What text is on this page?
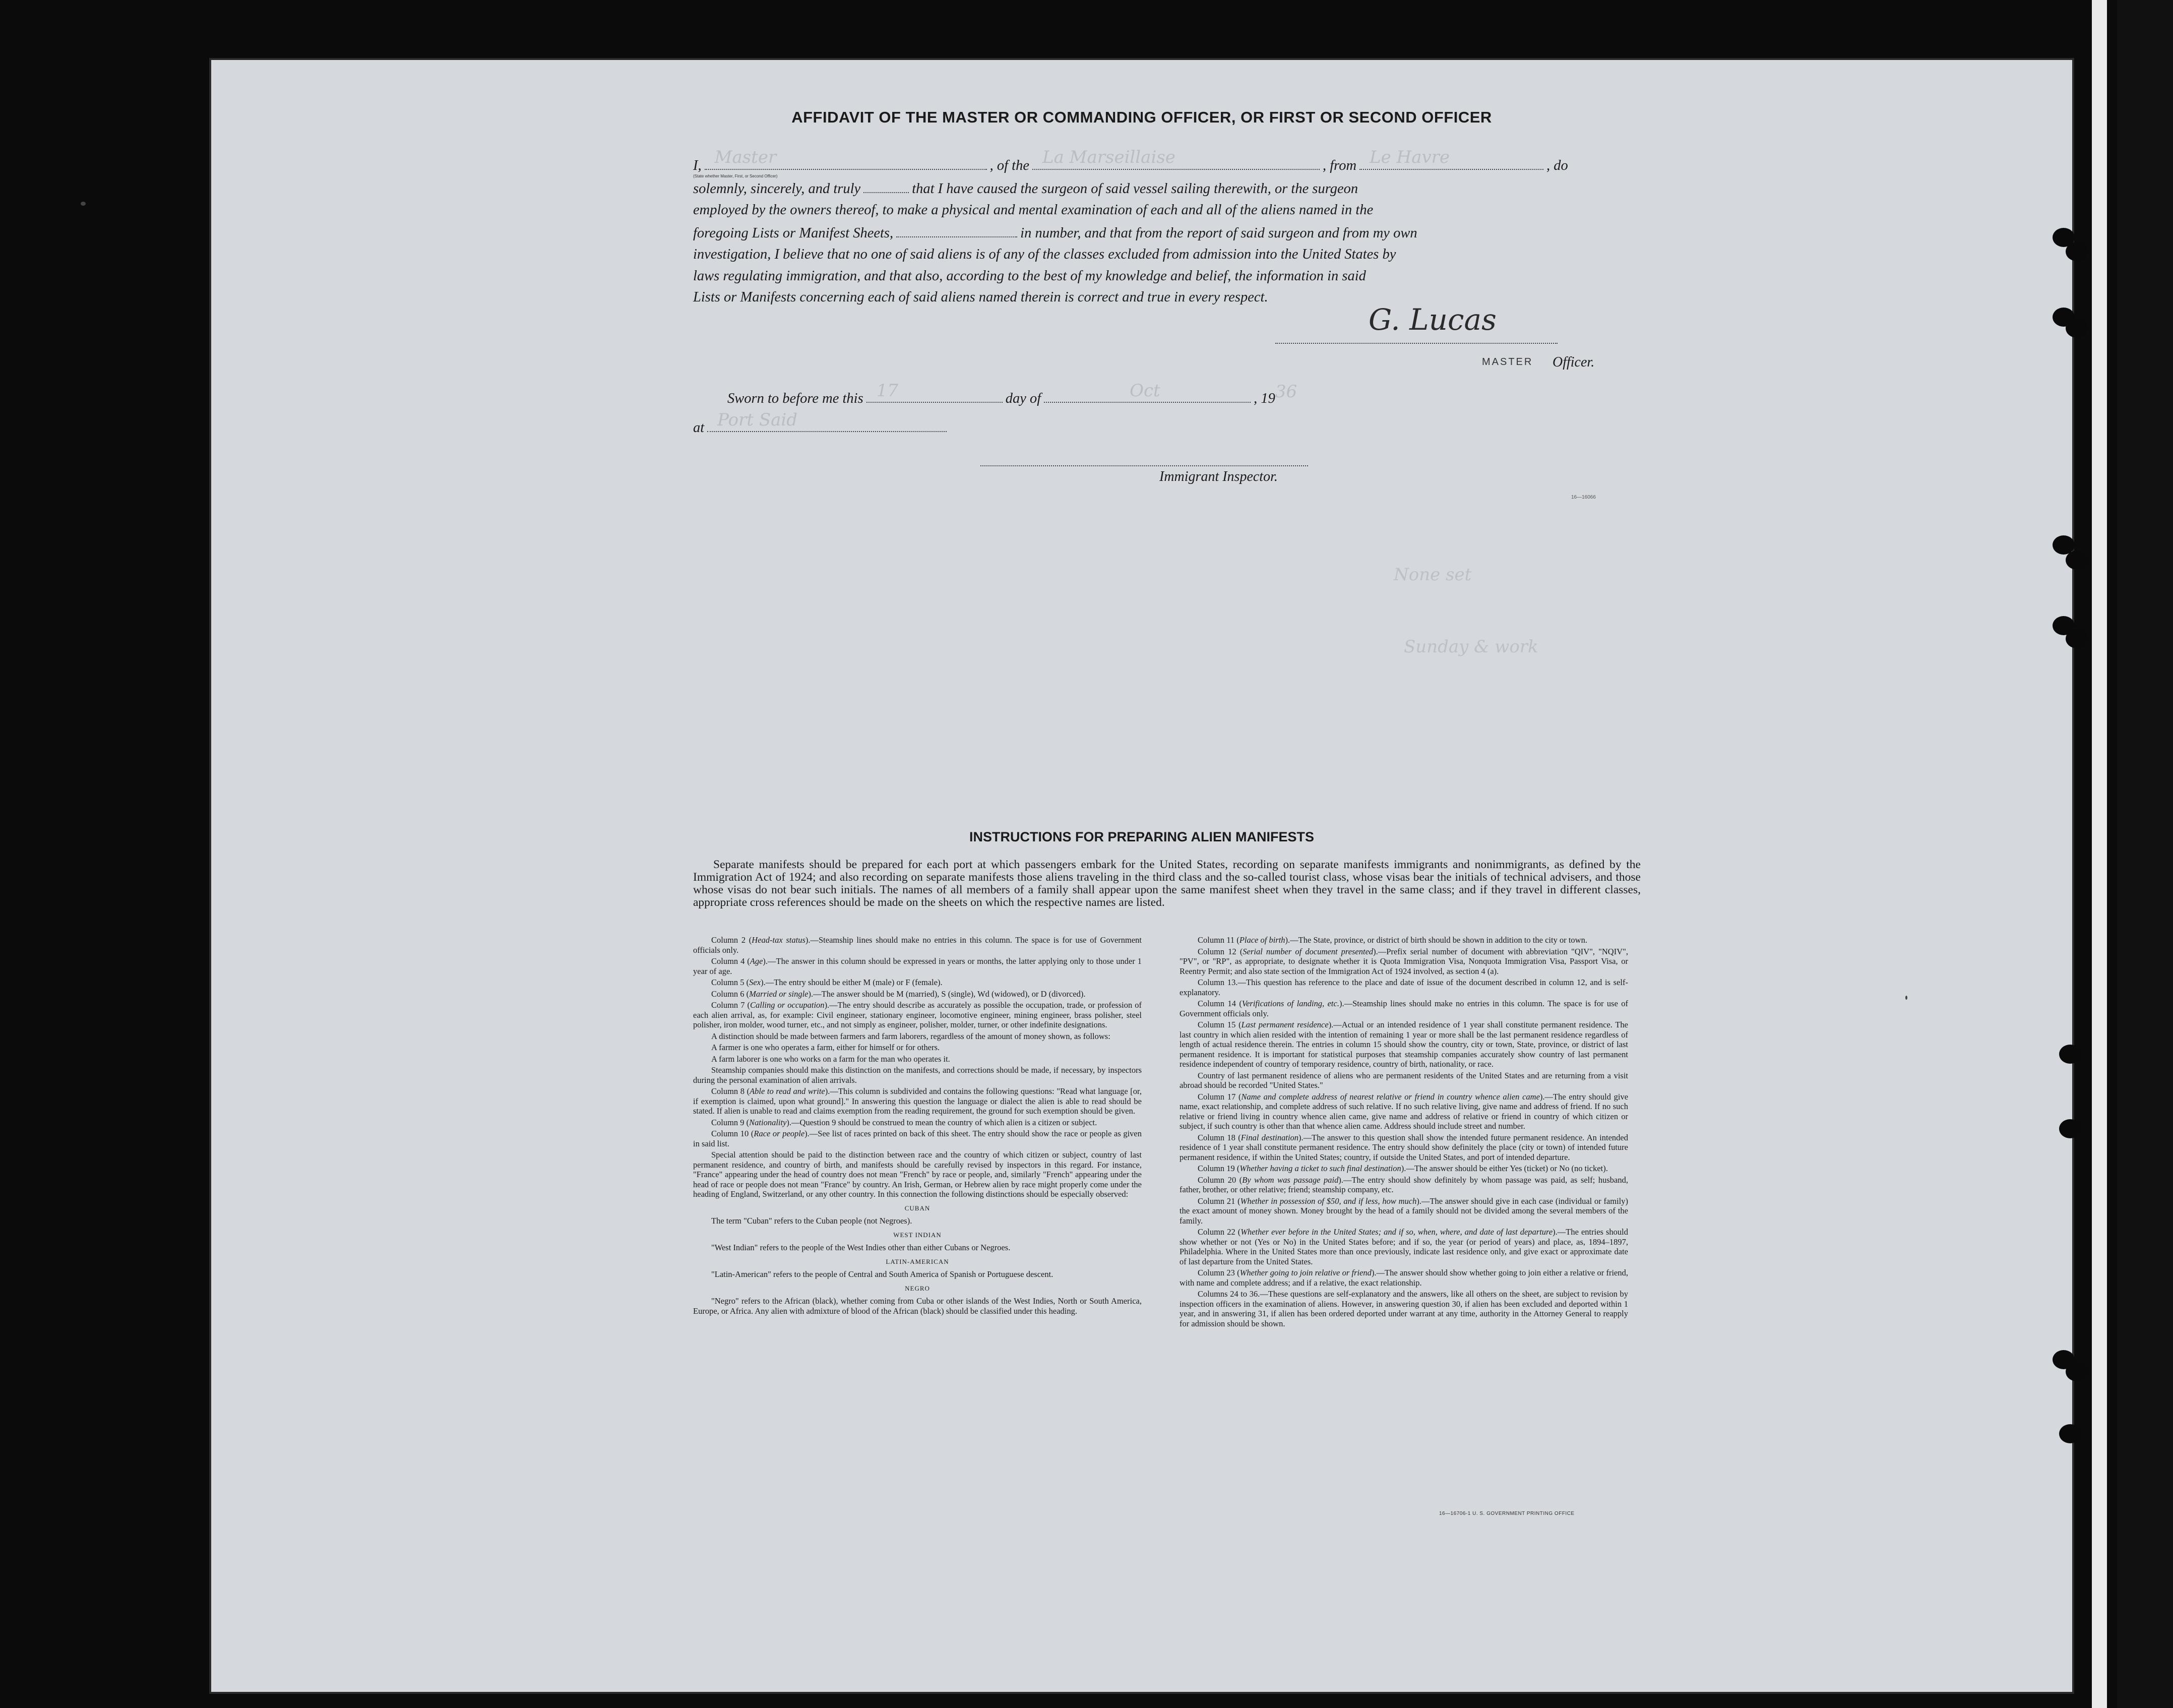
AFFIDAVIT OF THE MASTER OR COMMANDING OFFICER, OR FIRST OR SECOND OFFICER
I, Master	, of the La Marseillaise	, from Le Havre	, do
solemnly, sincerely, and truly	that I have caused the surgeon of said vessel sailing therewith, or the surgeon
employed by the owners thereof, to make a physical and mental examination of each and all of the aliens named in the
foregoing Lists or Manifest Sheets,	in number, and that from the report of said surgeon and from my own
investigation, I believe that no one of said aliens is of any of the classes excluded from admission into the United States by
laws regulating immigration, and that also, according to the best of my knowledge and belief, the information in said
Lists or Manifests concerning each of said aliens named therein is correct and true in every respect.
(State whether Master, First, or Second Officer)
G. Lucas
MASTER Officer.
Sworn to before me this 17	day of	Oct	, 19 36
at Port Said
Immigrant Inspector.
16—16066
None set
Sunday & work
INSTRUCTIONS FOR PREPARING ALIEN MANIFESTS
Separate manifests should be prepared for each port at which passengers embark for the United States, recording on separate manifests immigrants and nonimmigrants, as defined by the Immigration Act of 1924; and also recording on separate manifests those aliens traveling in the third class and the so-called tourist class, whose visas bear the initials of technical advisers, and those whose visas do not bear such initials. The names of all members of a family shall appear upon the same manifest sheet when they travel in the same class; and if they travel in different classes, appropriate cross references should be made on the sheets on which the respective names are listed.

Column 2 (Head-tax status).—Steamship lines should make no entries in this column. The space is for use of Government officials only.

Column 4 (Age).—The answer in this column should be expressed in years or months, the latter applying only to those under 1 year of age.

Column 5 (Sex).—The entry should be either M (male) or F (female).

Column 6 (Married or single).—The answer should be M (married), S (single), Wd (widowed), or D (divorced).

Column 7 (Calling or occupation).—The entry should describe as accurately as possible the occupation, trade, or profession of each alien arrival, as, for example: Civil engineer, stationary engineer, locomotive engineer, mining engineer, brass polisher, steel polisher, iron molder, wood turner, etc., and not simply as engineer, polisher, molder, turner, or other indefinite designations.

A distinction should be made between farmers and farm laborers, regardless of the amount of money shown, as follows:

A farmer is one who operates a farm, either for himself or for others.

A farm laborer is one who works on a farm for the man who operates it.

Steamship companies should make this distinction on the manifests, and corrections should be made, if necessary, by inspectors during the personal examination of alien arrivals.

Column 8 (Able to read and write).—This column is subdivided and contains the following questions: "Read what language [or, if exemption is claimed, upon what ground]." In answering this question the language or dialect the alien is able to read should be stated. If alien is unable to read and claims exemption from the reading requirement, the ground for such exemption should be given.

Column 9 (Nationality).—Question 9 should be construed to mean the country of which alien is a citizen or subject.

Column 10 (Race or people).—See list of races printed on back of this sheet. The entry should show the race or people as given in said list.

Special attention should be paid to the distinction between race and the country of which citizen or subject, country of last permanent residence, and country of birth, and manifests should be carefully revised by inspectors in this regard. For instance, "France" appearing under the head of country does not mean "French" by race or people, and, similarly "French" appearing under the head of race or people does not mean "France" by country. An Irish, German, or Hebrew alien by race might properly come under the heading of England, Switzerland, or any other country. In this connection the following distinctions should be especially observed:

CUBAN

The term "Cuban" refers to the Cuban people (not Negroes).

WEST INDIAN

"West Indian" refers to the people of the West Indies other than either Cubans or Negroes.

LATIN-AMERICAN

"Latin-American" refers to the people of Central and South America of Spanish or Portuguese descent.

NEGRO

"Negro" refers to the African (black), whether coming from Cuba or other islands of the West Indies, North or South America, Europe, or Africa. Any alien with admixture of blood of the African (black) should be classified under this heading.

Column 11 (Place of birth).—The State, province, or district of birth should be shown in addition to the city or town.

Column 12 (Serial number of document presented).—Prefix serial number of document with abbreviation "QIV", "NQIV", "PV", or "RP", as appropriate, to designate whether it is Quota Immigration Visa, Nonquota Immigration Visa, Passport Visa, or Reentry Permit; and also state section of the Immigration Act of 1924 involved, as section 4 (a).

Column 13.—This question has reference to the place and date of issue of the document described in column 12, and is self-explanatory.

Column 14 (Verifications of landing, etc.).—Steamship lines should make no entries in this column. The space is for use of Government officials only.

Column 15 (Last permanent residence).—Actual or an intended residence of 1 year shall constitute permanent residence. The last country in which alien resided with the intention of remaining 1 year or more shall be the last permanent residence regardless of length of actual residence therein. The entries in column 15 should show the country, city or town, State, province, or district of last permanent residence. It is important for statistical purposes that steamship companies accurately show country of last permanent residence independent of country of temporary residence, country of birth, nationality, or race.

Country of last permanent residence of aliens who are permanent residents of the United States and are returning from a visit abroad should be recorded "United States."

Column 17 (Name and complete address of nearest relative or friend in country whence alien came).—The entry should give name, exact relationship, and complete address of such relative. If no such relative living, give name and address of friend. If no such relative or friend living in country whence alien came, give name and address of relative or friend in country of which citizen or subject, if such country is other than that whence alien came. Address should include street and number.

Column 18 (Final destination).—The answer to this question shall show the intended future permanent residence. An intended residence of 1 year shall constitute permanent residence. The entry should show definitely the place (city or town) of intended future permanent residence, if within the United States; country, if outside the United States, and port of intended departure.

Column 19 (Whether having a ticket to such final destination).—The answer should be either Yes (ticket) or No (no ticket).

Column 20 (By whom was passage paid).—The entry should show definitely by whom passage was paid, as self; husband, father, brother, or other relative; friend; steamship company, etc.

Column 21 (Whether in possession of $50, and if less, how much).—The answer should give in each case (individual or family) the exact amount of money shown. Money brought by the head of a family should not be divided among the several members of the family.

Column 22 (Whether ever before in the United States; and if so, when, where, and date of last departure).—The entries should show whether or not (Yes or No) in the United States before; and if so, the year (or period of years) and place, as, 1894–1897, Philadelphia. Where in the United States more than once previously, indicate last residence only, and give exact or approximate date of last departure from the United States.

Column 23 (Whether going to join relative or friend).—The answer should show whether going to join either a relative or friend, with name and complete address; and if a relative, the exact relationship.

Columns 24 to 36.—These questions are self-explanatory and the answers, like all others on the sheet, are subject to revision by inspection officers in the examination of aliens. However, in answering question 30, if alien has been excluded and deported within 1 year, and in answering 31, if alien has been ordered deported under warrant at any time, authority in the Attorney General to reapply for admission should be shown.

16—16706-1 U. S. GOVERNMENT PRINTING OFFICE
